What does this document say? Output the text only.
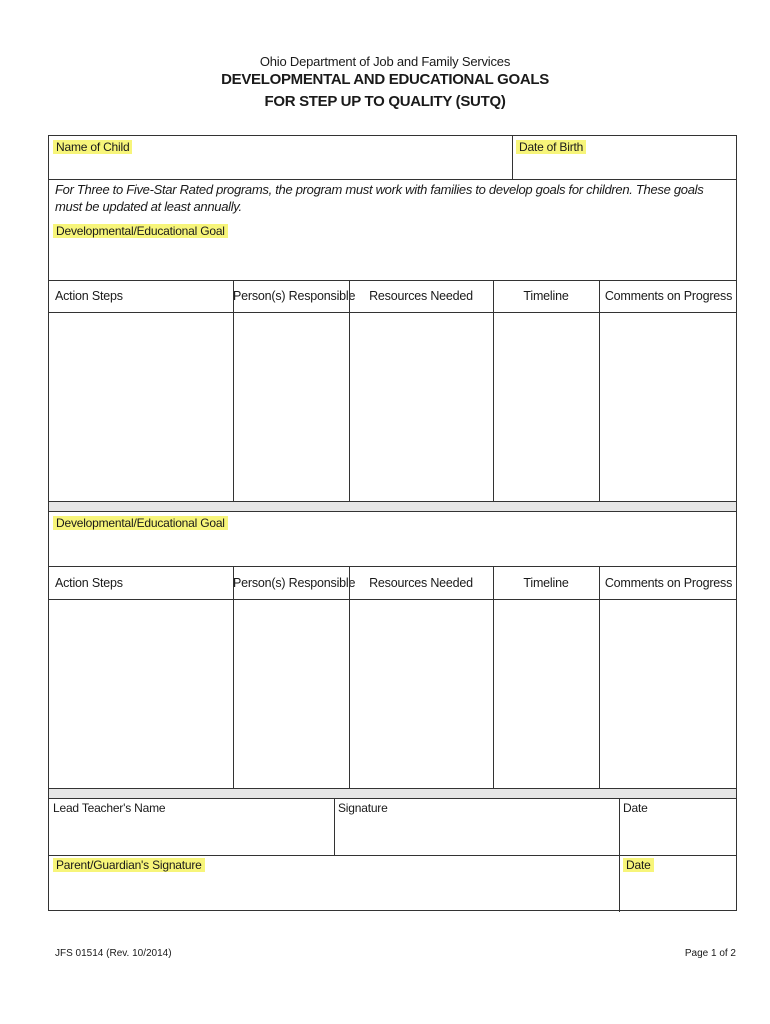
Ohio Department of Job and Family Services
DEVELOPMENTAL AND EDUCATIONAL GOALS
FOR STEP UP TO QUALITY (SUTQ)
Name of Child	Date of Birth
For Three to Five-Star Rated programs, the program must work with families to develop goals for children. These goals must be updated at least annually.
Developmental/Educational Goal
Action Steps	Person(s) Responsible	Resources Needed	Timeline	Comments on Progress
Developmental/Educational Goal
Action Steps	Person(s) Responsible	Resources Needed	Timeline	Comments on Progress
Lead Teacher's Name	Signature	Date
Parent/Guardian's Signature	Date
JFS 01514 (Rev. 10/2014)	Page 1 of 2
